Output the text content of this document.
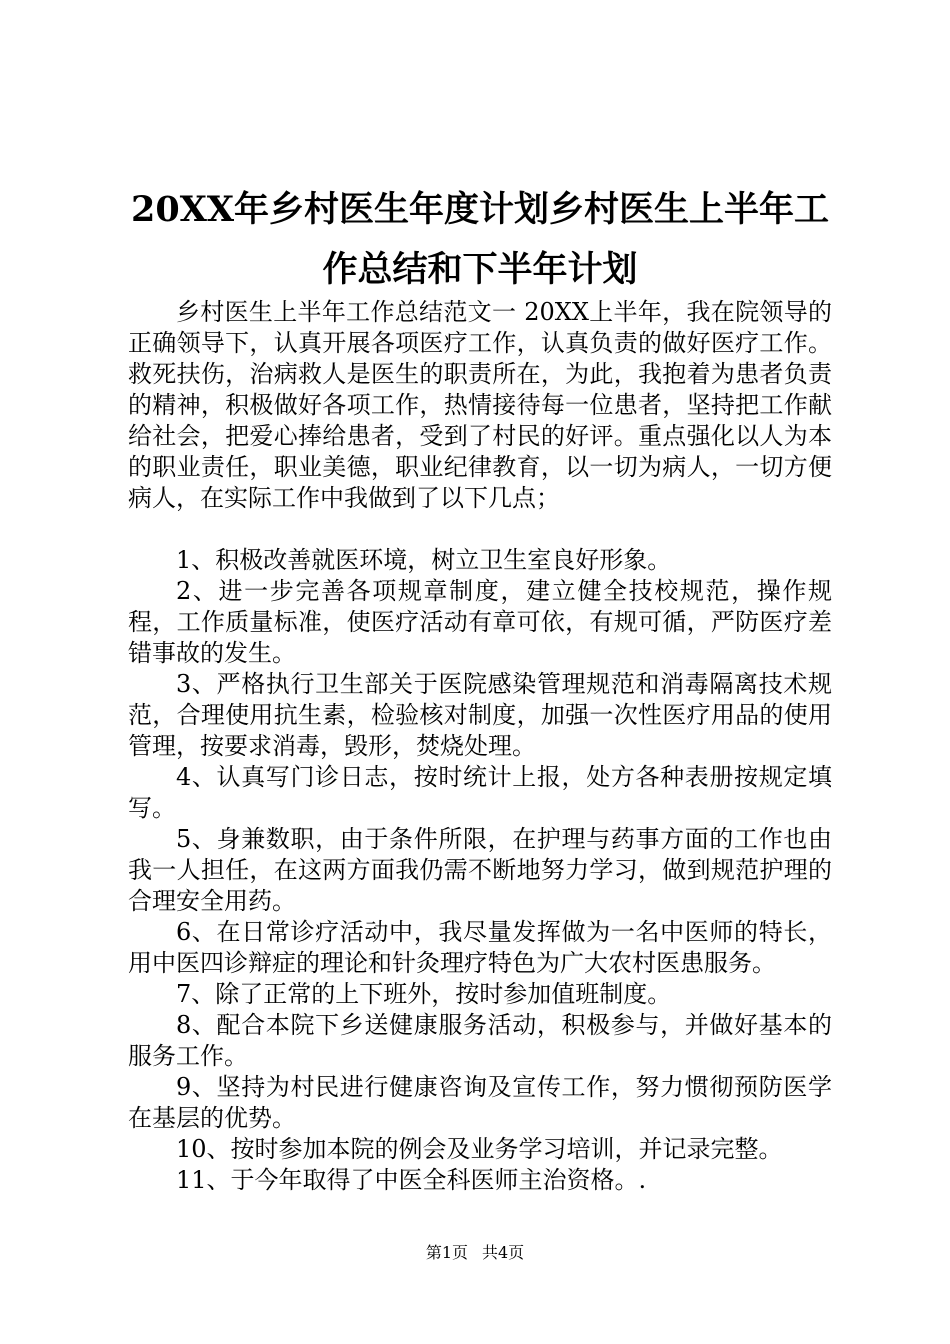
20XX年乡村医生年度计划乡村医生上半年工
作总结和下半年计划

乡村医生上半年工作总结范文一 20XX上半年，我在院领导的正确领导下，认真开展各项医疗工作，认真负责的做好医疗工作。救死扶伤，治病救人是医生的职责所在，为此，我抱着为患者负责的精神，积极做好各项工作，热情接待每一位患者，坚持把工作献给社会，把爱心捧给患者，受到了村民的好评。重点强化以人为本的职业责任，职业美德，职业纪律教育，以一切为病人，一切方便病人，在实际工作中我做到了以下几点；

1、积极改善就医环境，树立卫生室良好形象。

2、进一步完善各项规章制度，建立健全技校规范，操作规程，工作质量标准，使医疗活动有章可依，有规可循，严防医疗差错事故的发生。

3、严格执行卫生部关于医院感染管理规范和消毒隔离技术规范，合理使用抗生素，检验核对制度，加强一次性医疗用品的使用管理，按要求消毒，毁形，焚烧处理。

4、认真写门诊日志，按时统计上报，处方各种表册按规定填写。

5、身兼数职，由于条件所限，在护理与药事方面的工作也由我一人担任，在这两方面我仍需不断地努力学习，做到规范护理的合理安全用药。

6、在日常诊疗活动中，我尽量发挥做为一名中医师的特长，用中医四诊辩症的理论和针灸理疗特色为广大农村医患服务。

7、除了正常的上下班外，按时参加值班制度。

8、配合本院下乡送健康服务活动，积极参与，并做好基本的服务工作。

9、坚持为村民进行健康咨询及宣传工作，努力惯彻预防医学在基层的优势。

10、按时参加本院的例会及业务学习培训，并记录完整。

11、于今年取得了中医全科医师主治资格。.

第1页 共4页
